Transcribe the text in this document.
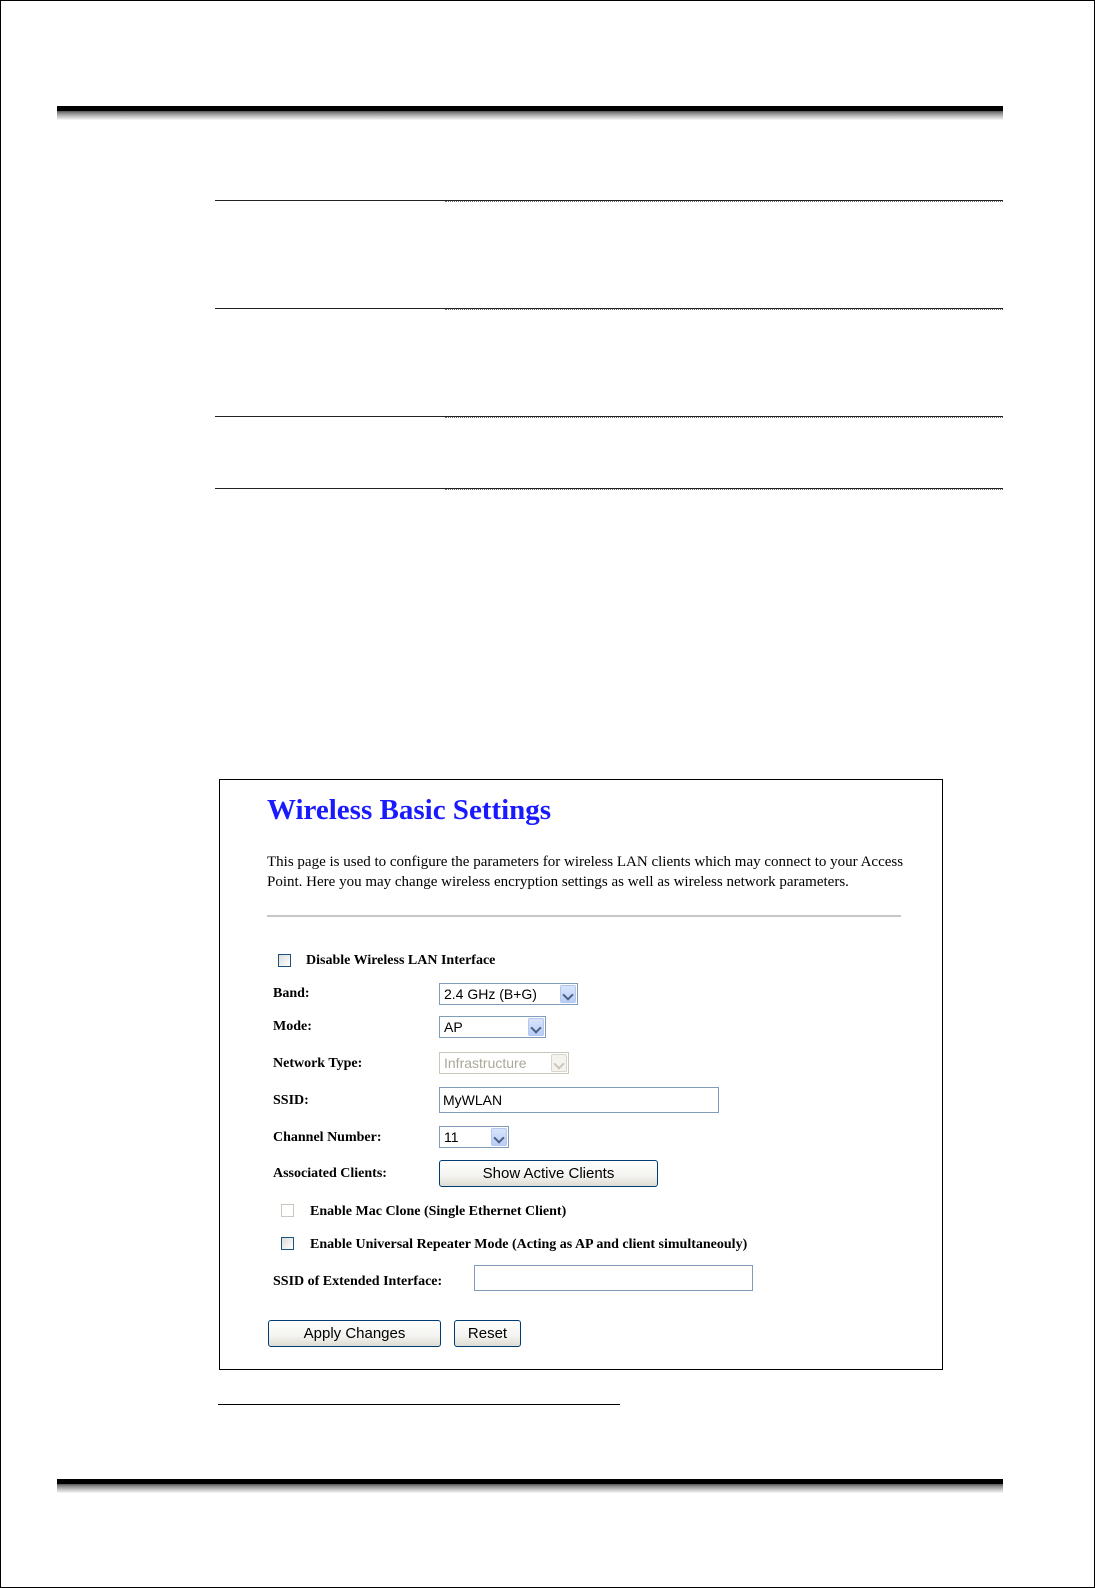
Wireless Basic Settings
This page is used to configure the parameters for wireless LAN clients which may connect to your Access Point. Here you may change wireless encryption settings as well as wireless network parameters.
Disable Wireless LAN Interface
Band:	2.4 GHz (B+G)
Mode:	AP
Network Type:	Infrastructure
SSID:	MyWLAN
Channel Number:	11
Associated Clients:	Show Active Clients
Enable Mac Clone (Single Ethernet Client)
Enable Universal Repeater Mode (Acting as AP and client simultaneouly)
SSID of Extended Interface:
Apply Changes	Reset
